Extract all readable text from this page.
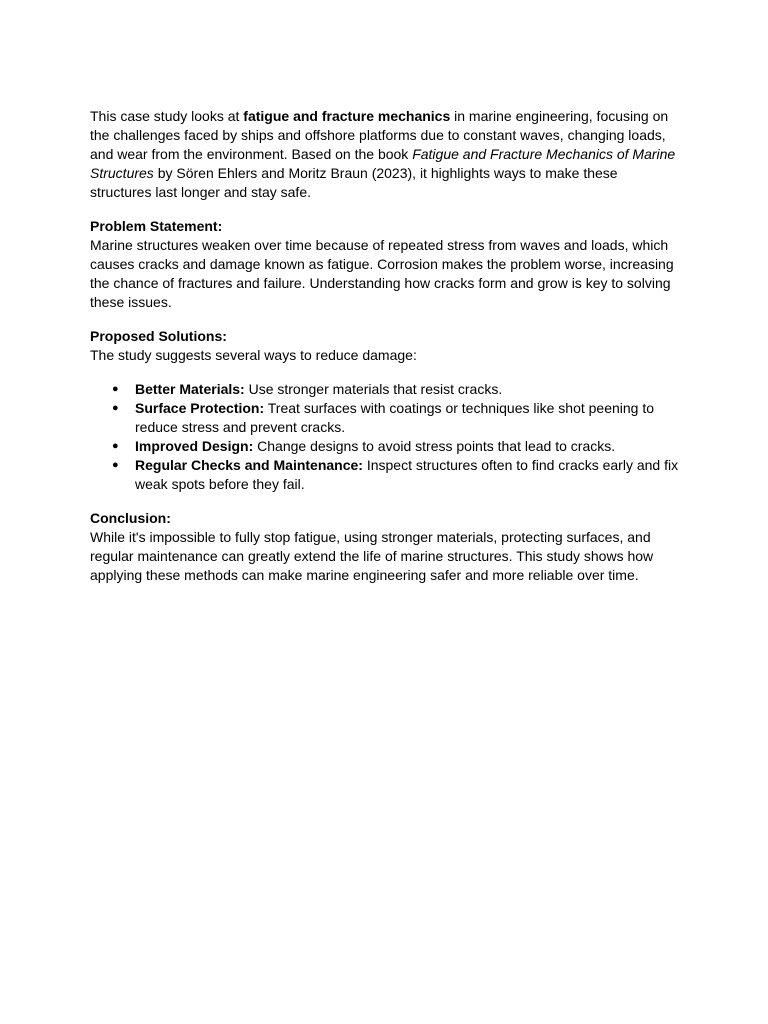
This case study looks at fatigue and fracture mechanics in marine engineering, focusing on the challenges faced by ships and offshore platforms due to constant waves, changing loads, and wear from the environment. Based on the book Fatigue and Fracture Mechanics of Marine Structures by Sören Ehlers and Moritz Braun (2023), it highlights ways to make these structures last longer and stay safe.

Problem Statement:

Marine structures weaken over time because of repeated stress from waves and loads, which causes cracks and damage known as fatigue. Corrosion makes the problem worse, increasing the chance of fractures and failure. Understanding how cracks form and grow is key to solving these issues.

Proposed Solutions:

The study suggests several ways to reduce damage:

● Better Materials: Use stronger materials that resist cracks.
● Surface Protection: Treat surfaces with coatings or techniques like shot peening to reduce stress and prevent cracks.
● Improved Design: Change designs to avoid stress points that lead to cracks.
● Regular Checks and Maintenance: Inspect structures often to find cracks early and fix weak spots before they fail.

Conclusion:

While it's impossible to fully stop fatigue, using stronger materials, protecting surfaces, and regular maintenance can greatly extend the life of marine structures. This study shows how applying these methods can make marine engineering safer and more reliable over time.
